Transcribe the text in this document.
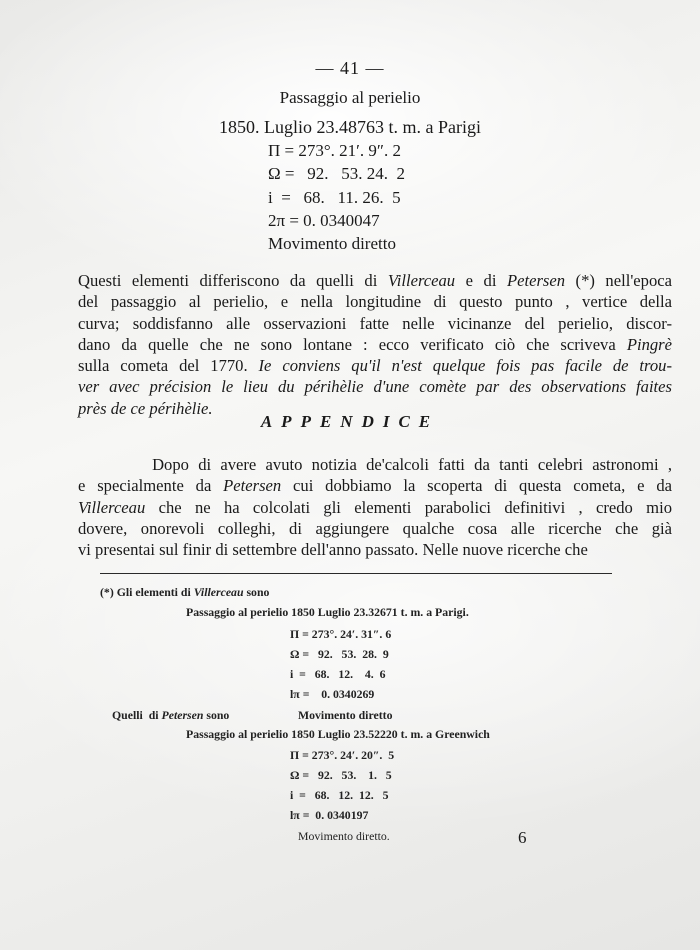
— 41 —
Passaggio al perielio
1850. Luglio 23.48763 t. m. a Parigi
Π = 273°. 21′. 9″. 2
Ω =   92.   53. 24.  2
i  =   68.   11. 26.  5
2π = 0. 0340047
Movimento diretto
Questi elementi differiscono da quelli di Villerceau e di Petersen (*) nell'epoca
del passaggio al perielio, e nella longitudine di questo punto , vertice della
curva; soddisfanno alle osservazioni fatte nelle vicinanze del perielio, discor-
dano da quelle che ne sono lontane : ecco verificato ciò che scriveva Pingrè
sulla cometa del 1770. Ie conviens qu'il n'est quelque fois pas facile de trou-
ver avec précision le lieu du périhèlie d'une comète par des observations faites
près de ce périhèlie.
APPENDICE
Dopo di avere avuto notizia de'calcoli fatti da tanti celebri astronomi ,
e specialmente da Petersen cui dobbiamo la scoperta di questa cometa, e da
Villerceau che ne ha colcolati gli elementi parabolici definitivi , credo mio
dovere, onorevoli colleghi, di aggiungere qualche cosa alle ricerche che già
vi presentai sul finir di settembre dell'anno passato. Nelle nuove ricerche che
(*) Gli elementi di Villerceau sono
Passaggio al perielio 1850 Luglio 23.32671 t. m. a Parigi.
Π = 273°. 24′. 31″. 6
Ω =   92.   53.  28.  9
i  =   68.   12.    4.  6
lπ =    0. 0340269
Movimento diretto
Quelli  di Petersen sono
Passaggio al perielio 1850 Luglio 23.52220 t. m. a Greenwich
Π = 273°. 24′. 20″.  5
Ω =   92.   53.    1.   5
i  =   68.   12.  12.   5
lπ =  0. 0340197
Movimento diretto.	6
